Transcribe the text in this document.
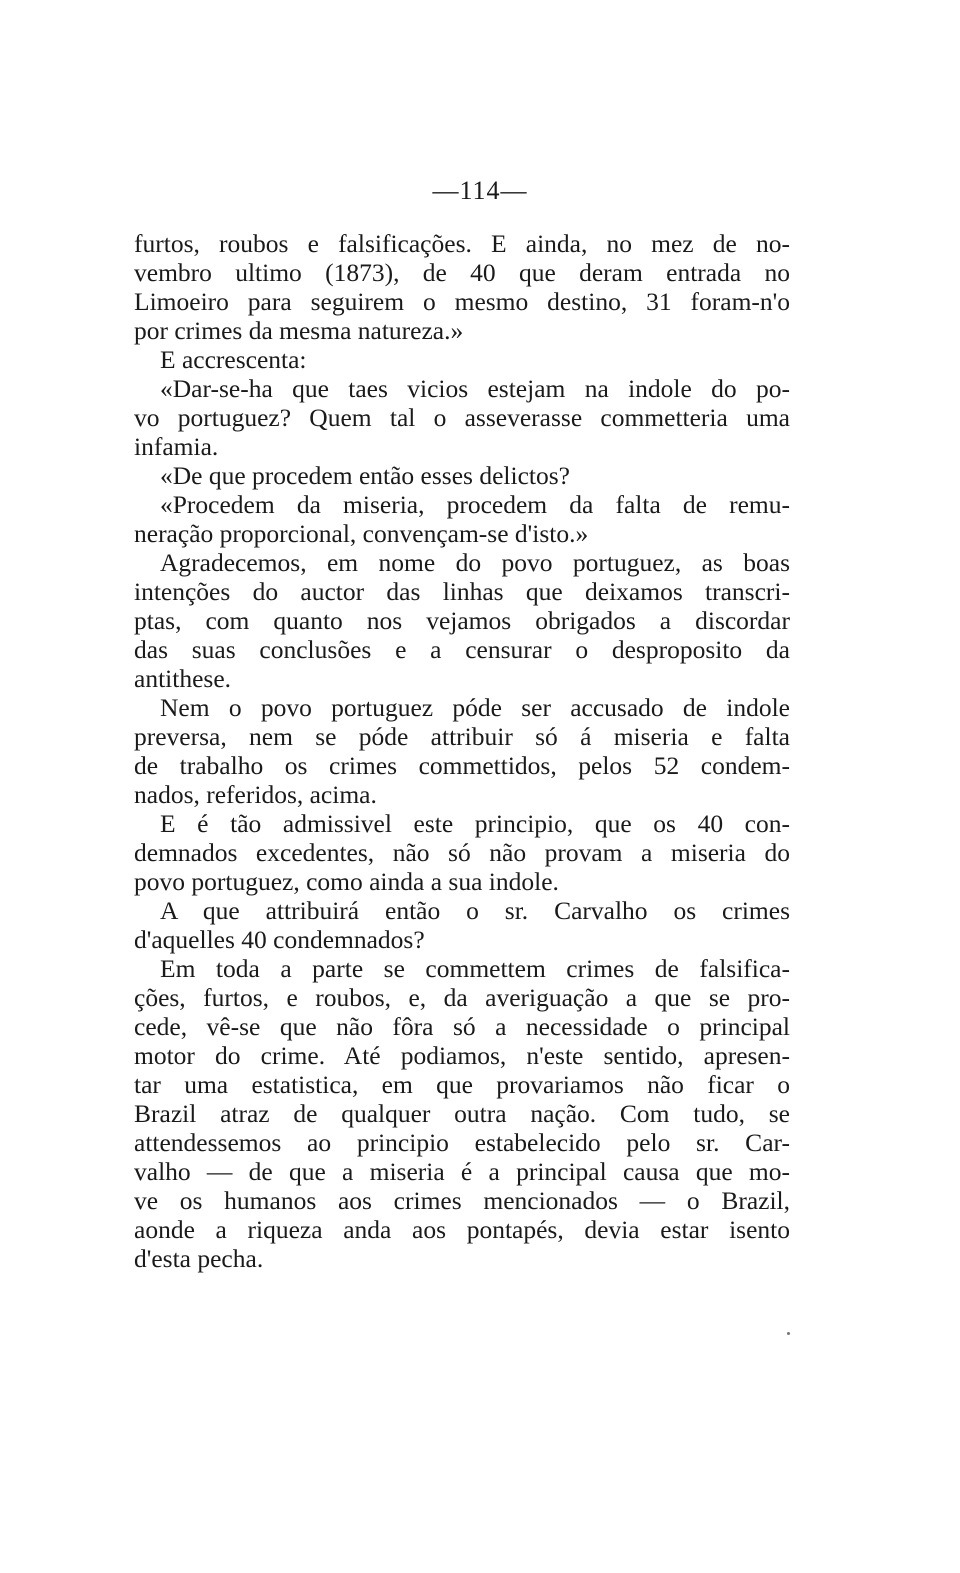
—114—
furtos, roubos e falsificações. E ainda, no mez de no-
vembro ultimo (1873), de 40 que deram entrada no
Limoeiro para seguirem o mesmo destino, 31 foram-n'o
por crimes da mesma natureza.»
E accrescenta:
«Dar-se-ha que taes vicios estejam na indole do po-
vo portuguez? Quem tal o asseverasse commetteria uma
infamia.
«De que procedem então esses delictos?
«Procedem da miseria, procedem da falta de remu-
neração proporcional, convençam-se d'isto.»
Agradecemos, em nome do povo portuguez, as boas
intenções do auctor das linhas que deixamos transcri-
ptas, com quanto nos vejamos obrigados a discordar
das suas conclusões e a censurar o desproposito da
antithese.
Nem o povo portuguez póde ser accusado de indole
preversa, nem se póde attribuir só á miseria e falta
de trabalho os crimes commettidos, pelos 52 condem-
nados, referidos, acima.
E é tão admissivel este principio, que os 40 con-
demnados excedentes, não só não provam a miseria do
povo portuguez, como ainda a sua indole.
A que attribuirá então o sr. Carvalho os crimes
d'aquelles 40 condemnados?
Em toda a parte se commettem crimes de falsifica-
ções, furtos, e roubos, e, da averiguação a que se pro-
cede, vê-se que não fôra só a necessidade o principal
motor do crime. Até podiamos, n'este sentido, apresen-
tar uma estatistica, em que provariamos não ficar o
Brazil atraz de qualquer outra nação. Com tudo, se
attendessemos ao principio estabelecido pelo sr. Car-
valho — de que a miseria é a principal causa que mo-
ve os humanos aos crimes mencionados — o Brazil,
aonde a riqueza anda aos pontapés, devia estar isento
d'esta pecha.
